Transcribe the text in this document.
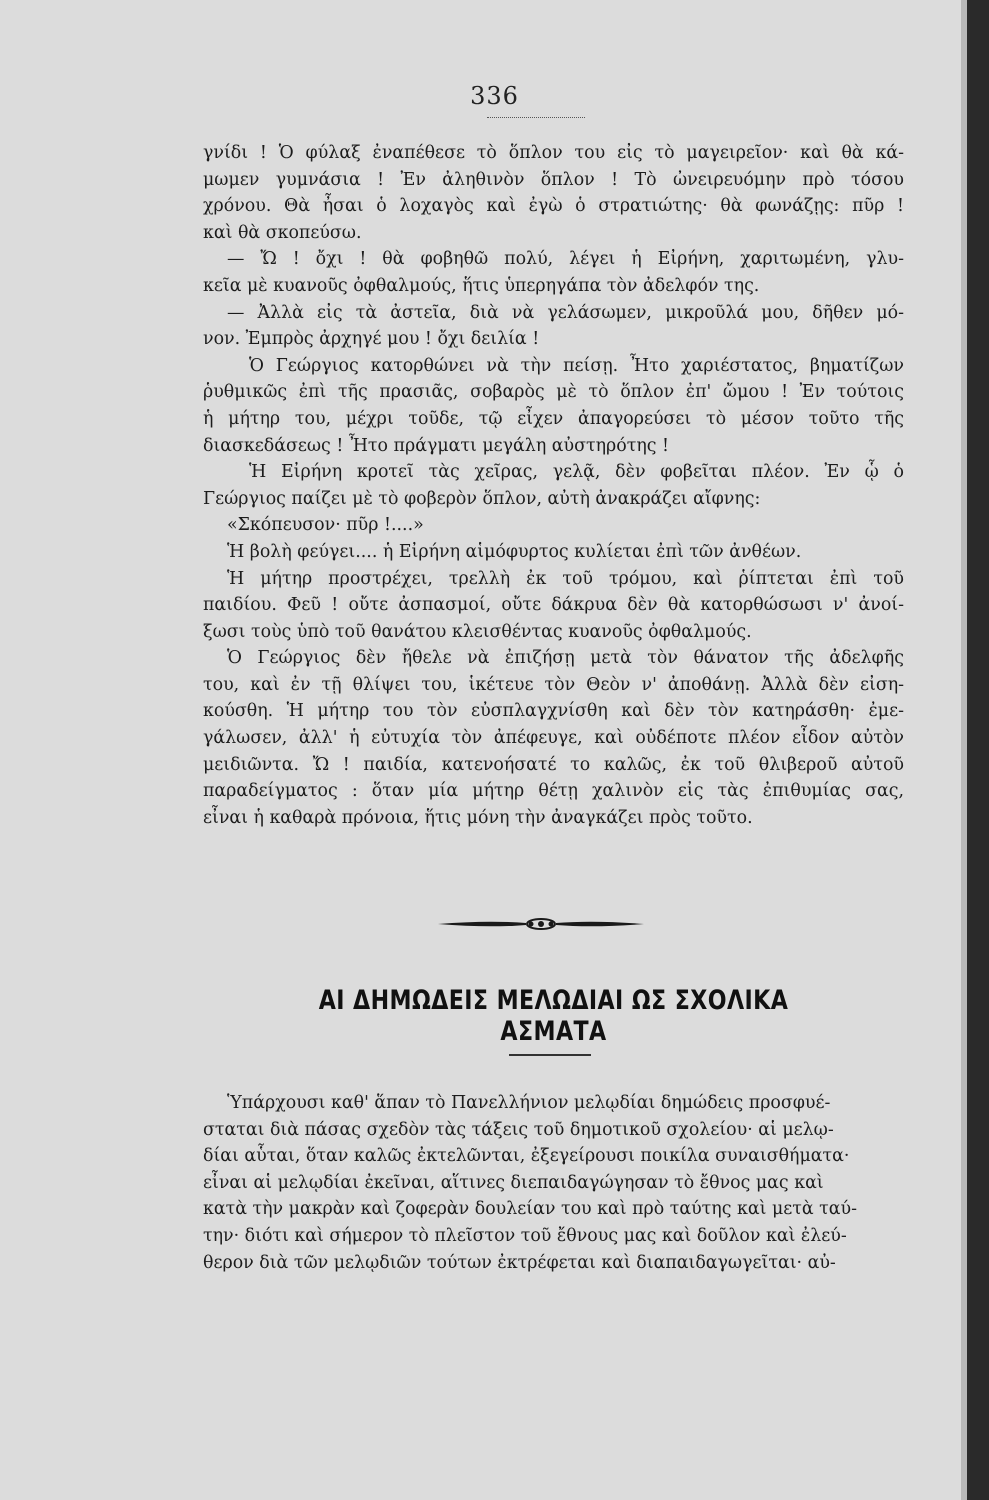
336
γνίδι ! Ὁ φύλαξ ἐναπέθεσε τὸ ὅπλον του εἰς τὸ μαγειρεῖον· καὶ θὰ κά-
μωμεν γυμνάσια ! Ἐν ἀληθινὸν ὅπλον ! Τὸ ὠνειρευόμην πρὸ τόσου
χρόνου. Θὰ ἦσαι ὁ λοχαγὸς καὶ ἐγὼ ὁ στρατιώτης· θὰ φωνάζῃς: πῦρ !
καὶ θὰ σκοπεύσω.
— Ὤ ! ὄχι ! θὰ φοβηθῶ πολύ, λέγει ἡ Εἰρήνη, χαριτωμένη, γλυ-
κεῖα μὲ κυανοῦς ὀφθαλμούς, ἥτις ὑπερηγάπα τὸν ἀδελφόν της.
— Ἀλλὰ εἰς τὰ ἀστεῖα, διὰ νὰ γελάσωμεν, μικροῦλά μου, δῆθεν μό-
νον. Ἐμπρὸς ἀρχηγέ μου ! ὄχι δειλία !
Ὁ Γεώργιος κατορθώνει νὰ τὴν πείσῃ. Ἦτο χαριέστατος, βηματίζων
ῥυθμικῶς ἐπὶ τῆς πρασιᾶς, σοβαρὸς μὲ τὸ ὅπλον ἐπ' ὤμου ! Ἐν τούτοις
ἡ μήτηρ του, μέχρι τοῦδε, τῷ εἶχεν ἀπαγορεύσει τὸ μέσον τοῦτο τῆς
διασκεδάσεως ! Ἦτο πράγματι μεγάλη αὐστηρότης !
Ἡ Εἰρήνη κροτεῖ τὰς χεῖρας, γελᾷ, δὲν φοβεῖται πλέον. Ἐν ᾧ ὁ
Γεώργιος παίζει μὲ τὸ φοβερὸν ὅπλον, αὐτὴ ἀνακράζει αἴφνης:
«Σκόπευσον· πῦρ !....»
Ἡ βολὴ φεύγει.... ἡ Εἰρήνη αἱμόφυρτος κυλίεται ἐπὶ τῶν ἀνθέων.
Ἡ μήτηρ προστρέχει, τρελλὴ ἐκ τοῦ τρόμου, καὶ ῥίπτεται ἐπὶ τοῦ
παιδίου. Φεῦ ! οὔτε ἀσπασμοί, οὔτε δάκρυα δὲν θὰ κατορθώσωσι ν' ἀνοί-
ξωσι τοὺς ὑπὸ τοῦ θανάτου κλεισθέντας κυανοῦς ὀφθαλμούς.
Ὁ Γεώργιος δὲν ἤθελε νὰ ἐπιζήσῃ μετὰ τὸν θάνατον τῆς ἀδελφῆς
του, καὶ ἐν τῇ θλίψει του, ἱκέτευε τὸν Θεὸν ν' ἀποθάνῃ. Ἀλλὰ δὲν εἰση-
κούσθη. Ἡ μήτηρ του τὸν εὐσπλαγχνίσθη καὶ δὲν τὸν κατηράσθη· ἐμε-
γάλωσεν, ἀλλ' ἡ εὐτυχία τὸν ἀπέφευγε, καὶ οὐδέποτε πλέον εἶδον αὐτὸν
μειδιῶντα. Ὤ ! παιδία, κατενοήσατέ το καλῶς, ἐκ τοῦ θλιβεροῦ αὐτοῦ
παραδείγματος : ὅταν μία μήτηρ θέτῃ χαλινὸν εἰς τὰς ἐπιθυμίας σας,
εἶναι ἡ καθαρὰ πρόνοια, ἥτις μόνη τὴν ἀναγκάζει πρὸς τοῦτο.
ΑΙ ΔΗΜΩΔΕΙΣ ΜΕΛΩΔΙΑΙ ΩΣ ΣΧΟΛΙΚΑ ΑΣΜΑΤΑ
Ὑπάρχουσι καθ' ἅπαν τὸ Πανελλήνιον μελῳδίαι δημώδεις προσφυέ-
σταται διὰ πάσας σχεδὸν τὰς τάξεις τοῦ δημοτικοῦ σχολείου· αἱ μελῳ-
δίαι αὗται, ὅταν καλῶς ἐκτελῶνται, ἐξεγείρουσι ποικίλα συναισθήματα·
εἶναι αἱ μελῳδίαι ἐκεῖναι, αἵτινες διεπαιδαγώγησαν τὸ ἔθνος μας καὶ
κατὰ τὴν μακρὰν καὶ ζοφερὰν δουλείαν του καὶ πρὸ ταύτης καὶ μετὰ ταύ-
την· διότι καὶ σήμερον τὸ πλεῖστον τοῦ ἔθνους μας καὶ δοῦλον καὶ ἐλεύ-
θερον διὰ τῶν μελῳδιῶν τούτων ἐκτρέφεται καὶ διαπαιδαγωγεῖται· αὐ-
